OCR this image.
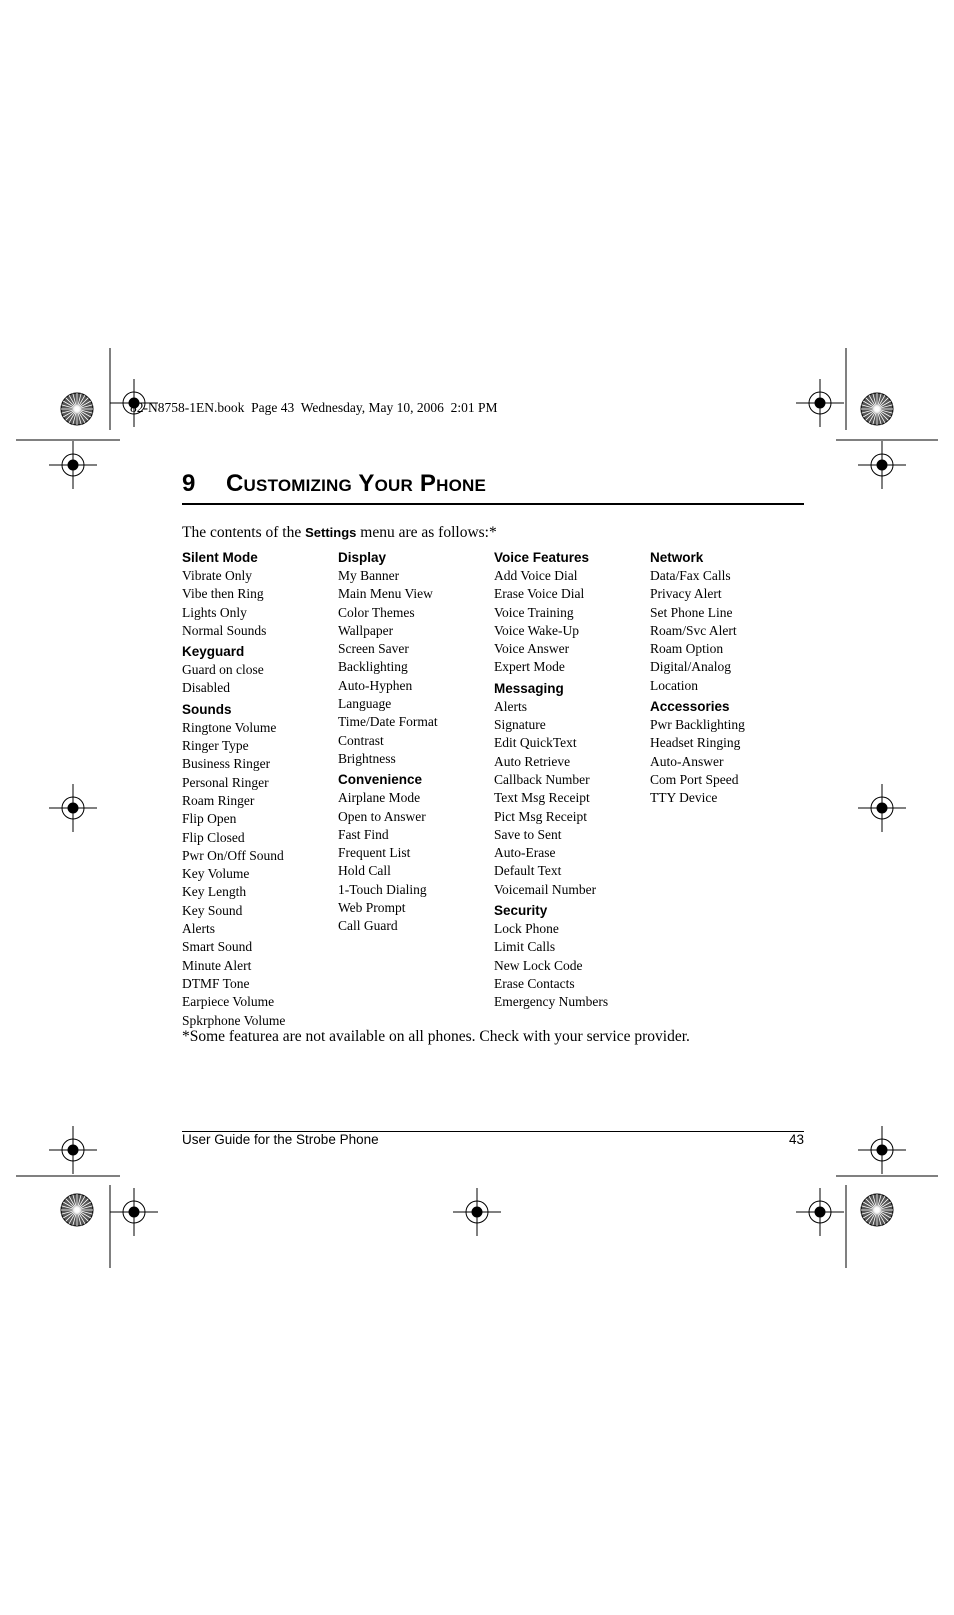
82-N8758-1EN.book  Page 43  Wednesday, May 10, 2006  2:01 PM
9 CUSTOMIZING YOUR PHONE
The contents of the Settings menu are as follows:*
Silent Mode
Vibrate Only
Vibe then Ring
Lights Only
Normal Sounds
Keyguard
Guard on close
Disabled
Sounds
Ringtone Volume
Ringer Type
Business Ringer
Personal Ringer
Roam Ringer
Flip Open
Flip Closed
Pwr On/Off Sound
Key Volume
Key Length
Key Sound
Alerts
Smart Sound
Minute Alert
DTMF Tone
Earpiece Volume
Spkrphone Volume
Display
My Banner
Main Menu View
Color Themes
Wallpaper
Screen Saver
Backlighting
Auto-Hyphen
Language
Time/Date Format
Contrast
Brightness
Convenience
Airplane Mode
Open to Answer
Fast Find
Frequent List
Hold Call
1-Touch Dialing
Web Prompt
Call Guard
Voice Features
Add Voice Dial
Erase Voice Dial
Voice Training
Voice Wake-Up
Voice Answer
Expert Mode
Messaging
Alerts
Signature
Edit QuickText
Auto Retrieve
Callback Number
Text Msg Receipt
Pict Msg Receipt
Save to Sent
Auto-Erase
Default Text
Voicemail Number
Security
Lock Phone
Limit Calls
New Lock Code
Erase Contacts
Emergency Numbers
Network
Data/Fax Calls
Privacy Alert
Set Phone Line
Roam/Svc Alert
Roam Option
Digital/Analog
Location
Accessories
Pwr Backlighting
Headset Ringing
Auto-Answer
Com Port Speed
TTY Device
*Some featurea are not available on all phones. Check with your service provider.
User Guide for the Strobe Phone	43
